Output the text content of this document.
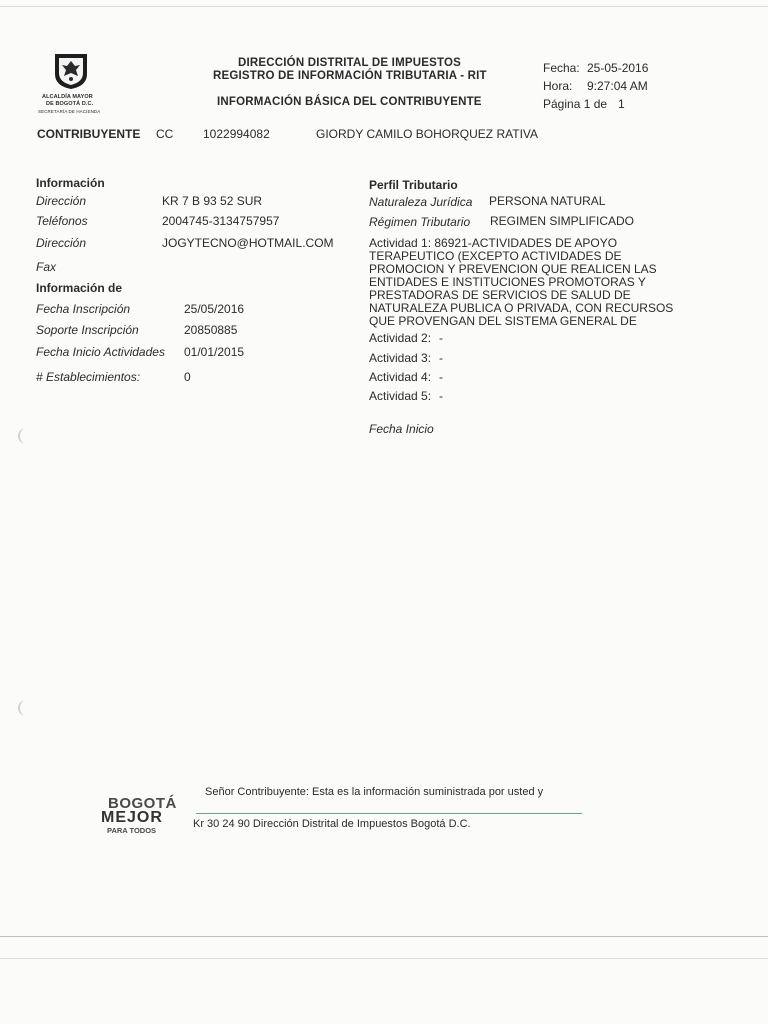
ALCALDÍA MAYOR
DE BOGOTÁ D.C.
SECRETARÍA DE HACIENDA
DIRECCIÓN DISTRITAL DE IMPUESTOS
REGISTRO DE INFORMACIÓN TRIBUTARIA - RIT
INFORMACIÓN BÁSICA DEL CONTRIBUYENTE
Fecha: 25-05-2016
Hora: 9:27:04 AM
Página 1 de 1
CONTRIBUYENTE CC 1022994082	GIORDY CAMILO BOHORQUEZ RATIVA
Información
Dirección	KR 7 B 93 52 SUR
Teléfonos	2004745-3134757957
Dirección	JOGYTECNO@HOTMAIL.COM
Fax
Información de
Fecha Inscripción	25/05/2016
Soporte Inscripción	20850885
Fecha Inicio Actividades 01/01/2015
# Establecimientos:	0
Perfil Tributario
Naturaleza Jurídica PERSONA NATURAL
Régimen Tributario REGIMEN SIMPLIFICADO
Actividad 1: 86921-ACTIVIDADES DE APOYO
TERAPEUTICO (EXCEPTO ACTIVIDADES DE
PROMOCION Y PREVENCION QUE REALICEN LAS
ENTIDADES E INSTITUCIONES PROMOTORAS Y
PRESTADORAS DE SERVICIOS DE SALUD DE
NATURALEZA PUBLICA O PRIVADA, CON RECURSOS
QUE PROVENGAN DEL SISTEMA GENERAL DE
Actividad 2: -
Actividad 3: -
Actividad 4: -
Actividad 5: -
Fecha Inicio
BOGOTÁ
MEJOR
PARA TODOS
Señor Contribuyente: Esta es la información suministrada por usted y
Kr 30 24 90 Dirección Distrital de Impuestos Bogotá D.C.
